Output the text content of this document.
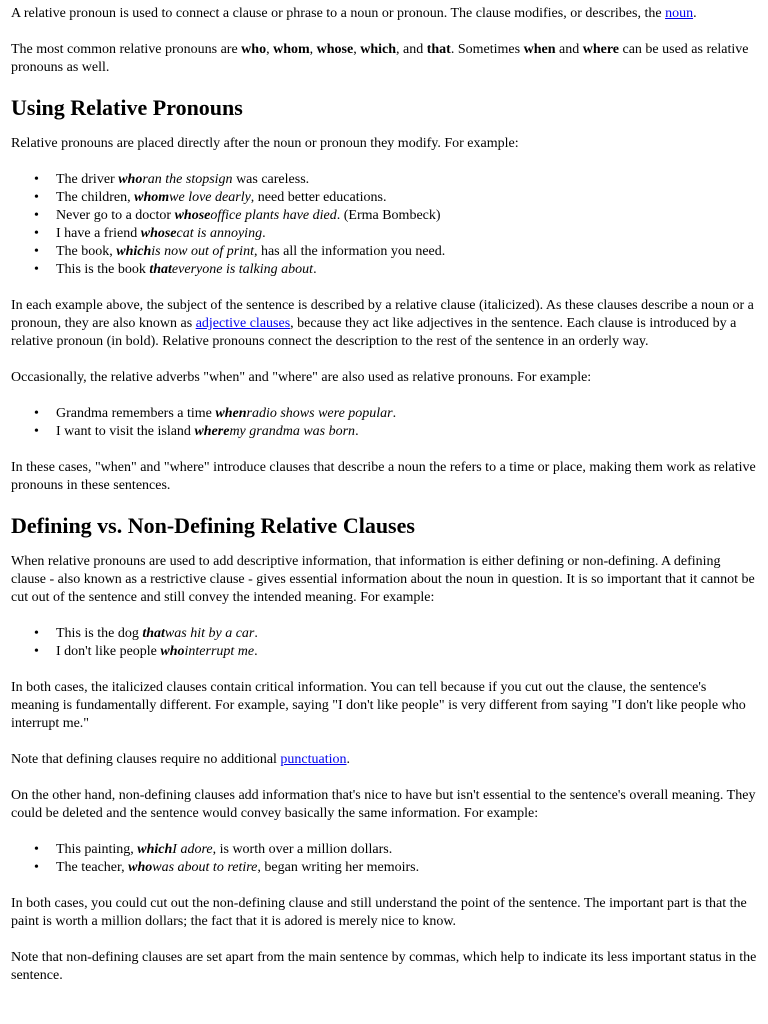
A relative pronoun is used to connect a clause or phrase to a noun or pronoun. The clause modifies, or describes, the noun.

The most common relative pronouns are who, whom, whose, which, and that. Sometimes when and where can be used as relative pronouns as well.

Using Relative Pronouns

Relative pronouns are placed directly after the noun or pronoun they modify. For example:

• The driver whoran the stopsign was careless.
• The children, whomwe love dearly, need better educations.
• Never go to a doctor whoseoffice plants have died. (Erma Bombeck)
• I have a friend whosecat is annoying.
• The book, whichis now out of print, has all the information you need.
• This is the book thateveryone is talking about.

In each example above, the subject of the sentence is described by a relative clause (italicized). As these clauses describe a noun or a pronoun, they are also known as adjective clauses, because they act like adjectives in the sentence. Each clause is introduced by a relative pronoun (in bold). Relative pronouns connect the description to the rest of the sentence in an orderly way.

Occasionally, the relative adverbs "when" and "where" are also used as relative pronouns. For example:

• Grandma remembers a time whenradio shows were popular.
• I want to visit the island wheremy grandma was born.

In these cases, "when" and "where" introduce clauses that describe a noun the refers to a time or place, making them work as relative pronouns in these sentences.

Defining vs. Non-Defining Relative Clauses

When relative pronouns are used to add descriptive information, that information is either defining or non-defining. A defining clause - also known as a restrictive clause - gives essential information about the noun in question. It is so important that it cannot be cut out of the sentence and still convey the intended meaning. For example:

• This is the dog thatwas hit by a car.
• I don't like people whointerrupt me.

In both cases, the italicized clauses contain critical information. You can tell because if you cut out the clause, the sentence's meaning is fundamentally different. For example, saying "I don't like people" is very different from saying "I don't like people who interrupt me."

Note that defining clauses require no additional punctuation.

On the other hand, non-defining clauses add information that's nice to have but isn't essential to the sentence's overall meaning. They could be deleted and the sentence would convey basically the same information. For example:

• This painting, whichI adore, is worth over a million dollars.
• The teacher, whowas about to retire, began writing her memoirs.

In both cases, you could cut out the non-defining clause and still understand the point of the sentence. The important part is that the paint is worth a million dollars; the fact that it is adored is merely nice to know.

Note that non-defining clauses are set apart from the main sentence by commas, which help to indicate its less important status in the sentence.
